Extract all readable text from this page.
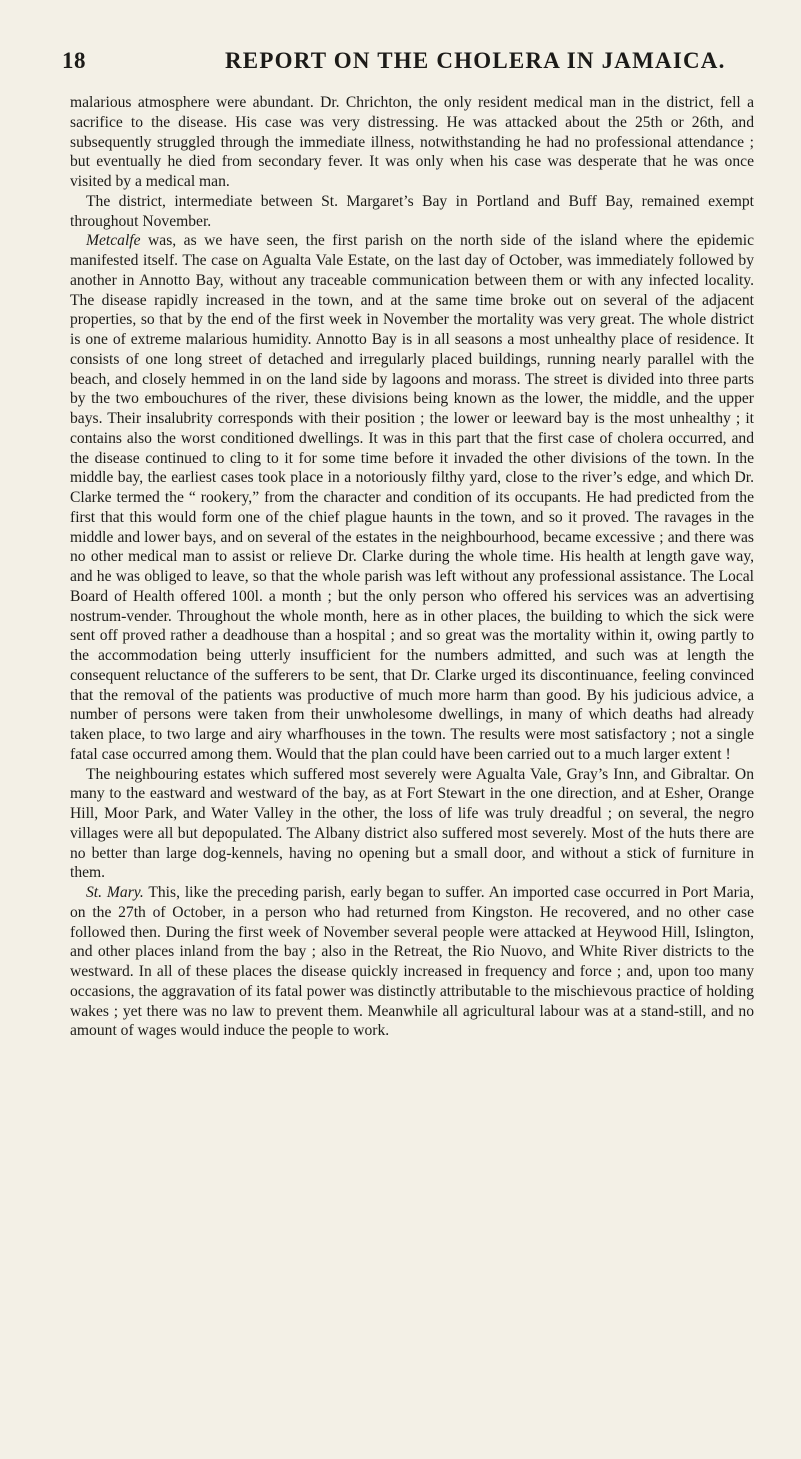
18	REPORT ON THE CHOLERA IN JAMAICA.

malarious atmosphere were abundant. Dr. Chrichton, the only resident medical man in the district, fell a sacrifice to the disease. His case was very distressing. He was attacked about the 25th or 26th, and subsequently struggled through the immediate illness, notwithstanding he had no professional attendance ; but eventually he died from secondary fever. It was only when his case was desperate that he was once visited by a medical man.

The district, intermediate between St. Margaret’s Bay in Portland and Buff Bay, remained exempt throughout November.

Metcalfe was, as we have seen, the first parish on the north side of the island where the epidemic manifested itself. The case on Agualta Vale Estate, on the last day of October, was immediately followed by another in Annotto Bay, without any traceable communication between them or with any infected locality. The disease rapidly increased in the town, and at the same time broke out on several of the adjacent properties, so that by the end of the first week in November the mortality was very great. The whole district is one of extreme malarious humidity. Annotto Bay is in all seasons a most unhealthy place of residence. It consists of one long street of detached and irregularly placed buildings, running nearly parallel with the beach, and closely hemmed in on the land side by lagoons and morass. The street is divided into three parts by the two embouchures of the river, these divisions being known as the lower, the middle, and the upper bays. Their insalubrity corresponds with their position ; the lower or leeward bay is the most unhealthy ; it contains also the worst conditioned dwellings. It was in this part that the first case of cholera occurred, and the disease continued to cling to it for some time before it invaded the other divisions of the town. In the middle bay, the earliest cases took place in a notoriously filthy yard, close to the river’s edge, and which Dr. Clarke termed the “ rookery,” from the character and condition of its occupants. He had predicted from the first that this would form one of the chief plague haunts in the town, and so it proved. The ravages in the middle and lower bays, and on several of the estates in the neighbourhood, became excessive ; and there was no other medical man to assist or relieve Dr. Clarke during the whole time. His health at length gave way, and he was obliged to leave, so that the whole parish was left without any professional assistance. The Local Board of Health offered 100l. a month ; but the only person who offered his services was an advertising nostrum-vender. Throughout the whole month, here as in other places, the building to which the sick were sent off proved rather a deadhouse than a hospital ; and so great was the mortality within it, owing partly to the accommodation being utterly insufficient for the numbers admitted, and such was at length the consequent reluctance of the sufferers to be sent, that Dr. Clarke urged its discontinuance, feeling convinced that the removal of the patients was productive of much more harm than good. By his judicious advice, a number of persons were taken from their unwholesome dwellings, in many of which deaths had already taken place, to two large and airy wharfhouses in the town. The results were most satisfactory ; not a single fatal case occurred among them. Would that the plan could have been carried out to a much larger extent !

The neighbouring estates which suffered most severely were Agualta Vale, Gray’s Inn, and Gibraltar. On many to the eastward and westward of the bay, as at Fort Stewart in the one direction, and at Esher, Orange Hill, Moor Park, and Water Valley in the other, the loss of life was truly dreadful ; on several, the negro villages were all but depopulated. The Albany district also suffered most severely. Most of the huts there are no better than large dog-kennels, having no opening but a small door, and without a stick of furniture in them.

St. Mary. This, like the preceding parish, early began to suffer. An imported case occurred in Port Maria, on the 27th of October, in a person who had returned from Kingston. He recovered, and no other case followed then. During the first week of November several people were attacked at Heywood Hill, Islington, and other places inland from the bay ; also in the Retreat, the Rio Nuovo, and White River districts to the westward. In all of these places the disease quickly increased in frequency and force ; and, upon too many occasions, the aggravation of its fatal power was distinctly attributable to the mischievous practice of holding wakes ; yet there was no law to prevent them. Meanwhile all agricultural labour was at a stand-still, and no amount of wages would induce the people to work.
